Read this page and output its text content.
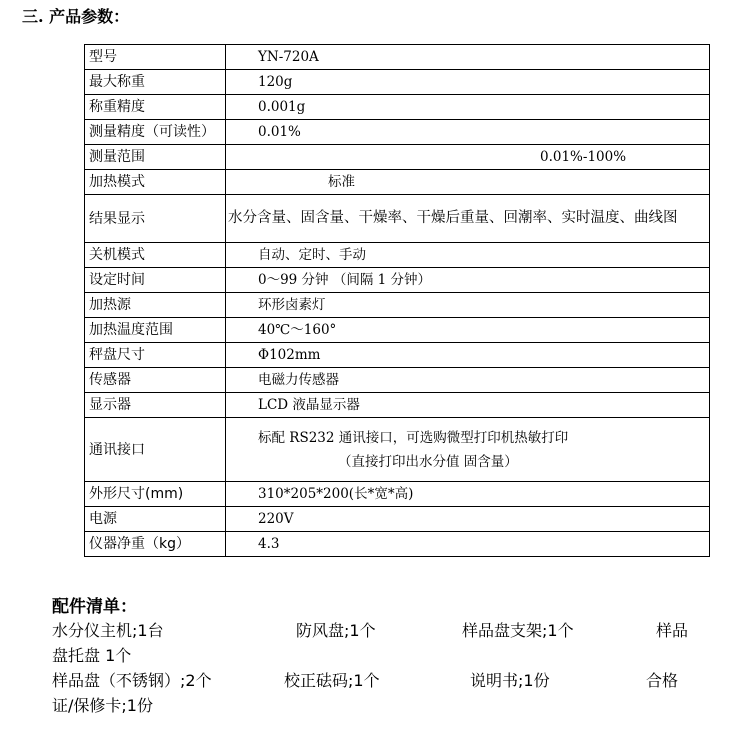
三. 产品参数：
型号	YN-720A
最大称重	120g
称重精度	0.001g
测量精度（可读性）	0.01%
测量范围	0.01%-100%

加热模式	标准

结果显示	水分含量、固含量、干燥率、干燥后重量、回潮率、实时温度、曲线图
关机模式	自动、定时、手动
设定时间	0～99 分钟 （间隔 1 分钟）
加热源	环形卤素灯
加热温度范围	40℃～160°
秤盘尺寸	Φ102mm
传感器	电磁力传感器
显示器	LCD 液晶显示器
通讯接口	标配 RS232 通讯接口，可选购微型打印机热敏打印
（直接打印出水分值 固含量）

外形尺寸(mm)	310*205*200(长*宽*高)
电源	220V
仪器净重（kg）	4.3
配件清单：
水分仪主机;1台	防风盘;1个	样品盘支架;1个	样品
盘托盘 1个
样品盘（不锈钢）;2个	校正砝码;1个	说明书;1份	合格
证/保修卡;1份
